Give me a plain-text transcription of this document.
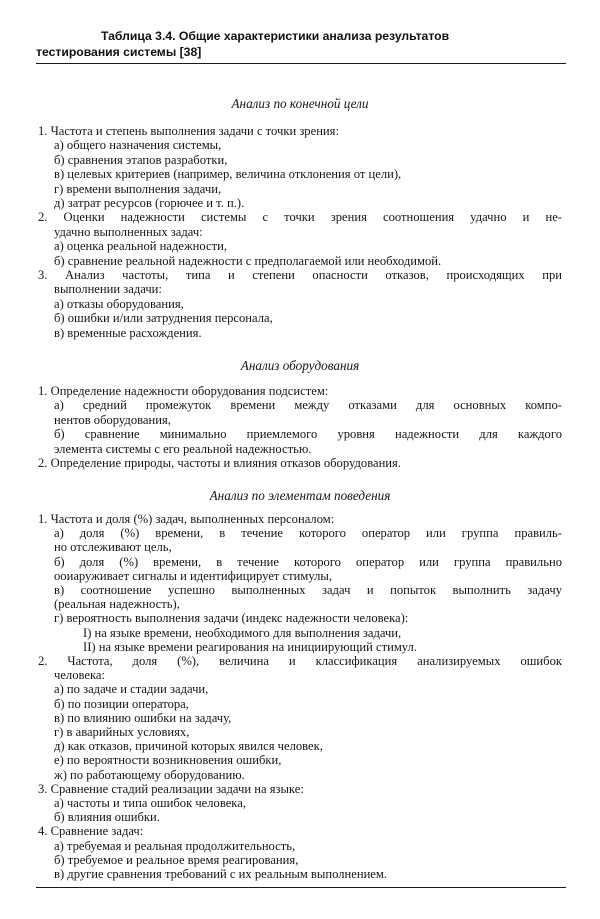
Таблица 3.4. Общие характеристики анализа результатов
тестирования системы [38]
Анализ по конечной цели
1. Частота и степень выполнения задачи с точки зрения:
а) общего назначения системы,
б) сравнения этапов разработки,
в) целевых критериев (например, величина отклонения от цели),
г) времени выполнения задачи,
д) затрат ресурсов (горючее и т. п.).
2. Оценки надежности системы с точки зрения соотношения удачно и не-
удачно выполненных задач:
а) оценка реальной надежности,
б) сравнение реальной надежности с предполагаемой или необходимой.
3. Анализ частоты, типа и степени опасности отказов, происходящих при
выполнении задачи:
а) отказы оборудования,
б) ошибки и/или затруднения персонала,
в) временные расхождения.
Анализ оборудования
1. Определение надежности оборудования подсистем:
а) средний промежуток времени между отказами для основных компо-
нентов оборудования,
б) сравнение минимально приемлемого уровня надежности для каждого
элемента системы с его реальной надежностью.
2. Определение природы, частоты и влияния отказов оборудования.
Анализ по элементам поведения
1. Частота и доля (%) задач, выполненных персоналом:
а) доля (%) времени, в течение которого оператор или группа правиль-
но отслеживают цель,
б) доля (%) времени, в течение которого оператор или группа правильно
ооиаруживает сигналы и идентифицирует стимулы,
в) соотношение успешно выполненных задач и попыток выполнить задачу
(реальная надежность),
г) вероятность выполнения задачи (индекс надежности человека):
I) на языке времени, необходимого для выполнения задачи,
II) на языке времени реагирования на инициирующий стимул.
2. Частота, доля (%), величина и классификация анализируемых ошибок
человека:
а) по задаче и стадии задачи,
б) по позиции оператора,
в) по влиянию ошибки на задачу,
г) в аварийных условиях,
д) как отказов, причиной которых явился человек,
е) по вероятности возникновения ошибки,
ж) по работающему оборудованию.
3. Сравнение стадий реализации задачи на языке:
а) частоты и типа ошибок человека,
б) влияния ошибки.
4. Сравнение задач:
а) требуемая и реальная продолжительность,
б) требуемое и реальное время реагирования,
в) другие сравнения требований с их реальным выполнением.
